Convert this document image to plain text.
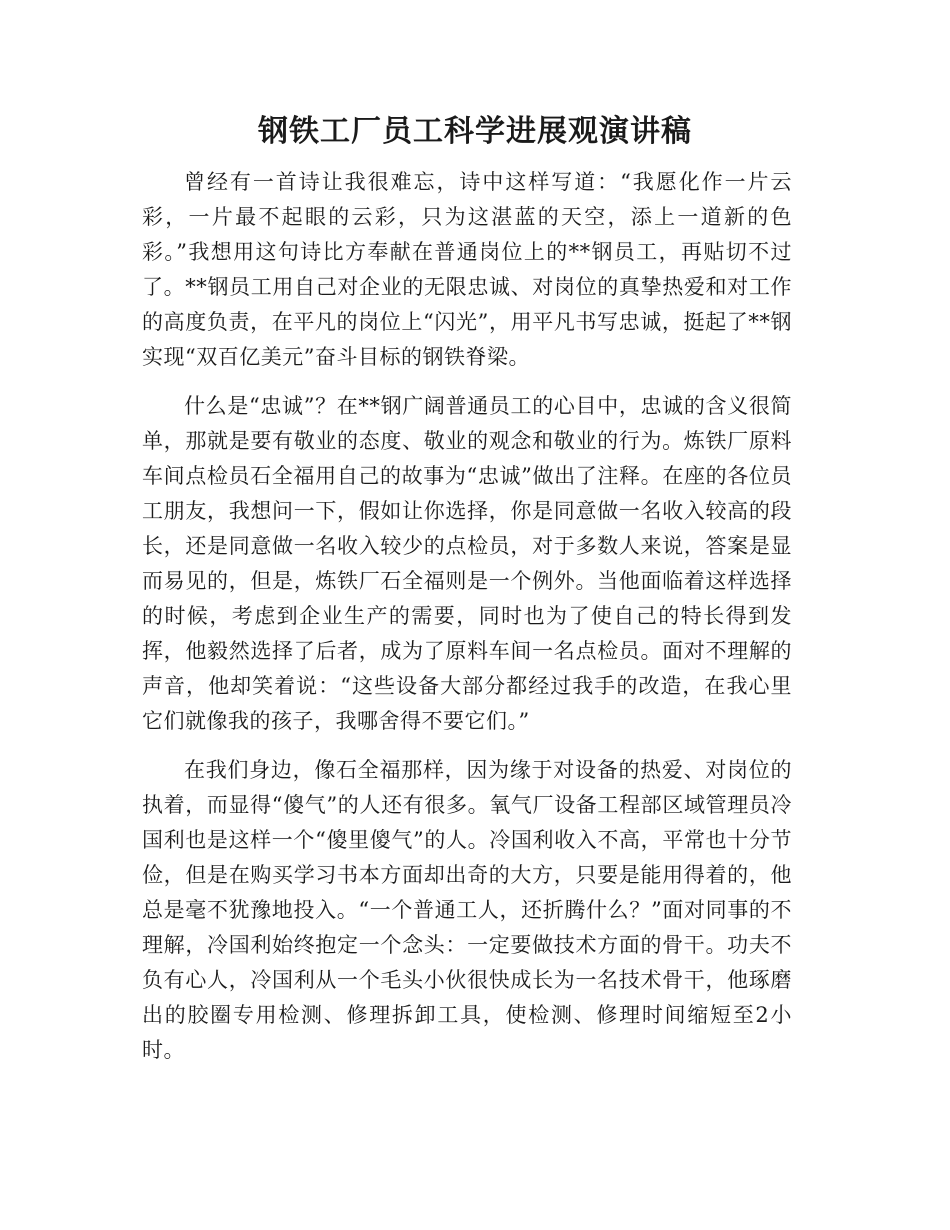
钢铁工厂员工科学进展观演讲稿

曾经有一首诗让我很难忘，诗中这样写道：“我愿化作一片云彩，一片最不起眼的云彩，只为这湛蓝的天空，添上一道新的色彩。”我想用这句诗比方奉献在普通岗位上的**钢员工，再贴切不过了。**钢员工用自己对企业的无限忠诚、对岗位的真挚热爱和对工作的高度负责，在平凡的岗位上“闪光”，用平凡书写忠诚，挺起了**钢实现“双百亿美元”奋斗目标的钢铁脊梁。

什么是“忠诚”？在**钢广阔普通员工的心目中，忠诚的含义很简单，那就是要有敬业的态度、敬业的观念和敬业的行为。炼铁厂原料车间点检员石全福用自己的故事为“忠诚”做出了注释。在座的各位员工朋友，我想问一下，假如让你选择，你是同意做一名收入较高的段长，还是同意做一名收入较少的点检员，对于多数人来说，答案是显而易见的，但是，炼铁厂石全福则是一个例外。当他面临着这样选择的时候，考虑到企业生产的需要，同时也为了使自己的特长得到发挥，他毅然选择了后者，成为了原料车间一名点检员。面对不理解的声音，他却笑着说：“这些设备大部分都经过我手的改造，在我心里它们就像我的孩子，我哪舍得不要它们。”

在我们身边，像石全福那样，因为缘于对设备的热爱、对岗位的执着，而显得“傻气”的人还有很多。氧气厂设备工程部区域管理员冷国利也是这样一个“傻里傻气”的人。冷国利收入不高，平常也十分节俭，但是在购买学习书本方面却出奇的大方，只要是能用得着的，他总是毫不犹豫地投入。“一个普通工人，还折腾什么？”面对同事的不理解，冷国利始终抱定一个念头：一定要做技术方面的骨干。功夫不负有心人，冷国利从一个毛头小伙很快成长为一名技术骨干，他琢磨出的胶圈专用检测、修理拆卸工具，使检测、修理时间缩短至2小时。
